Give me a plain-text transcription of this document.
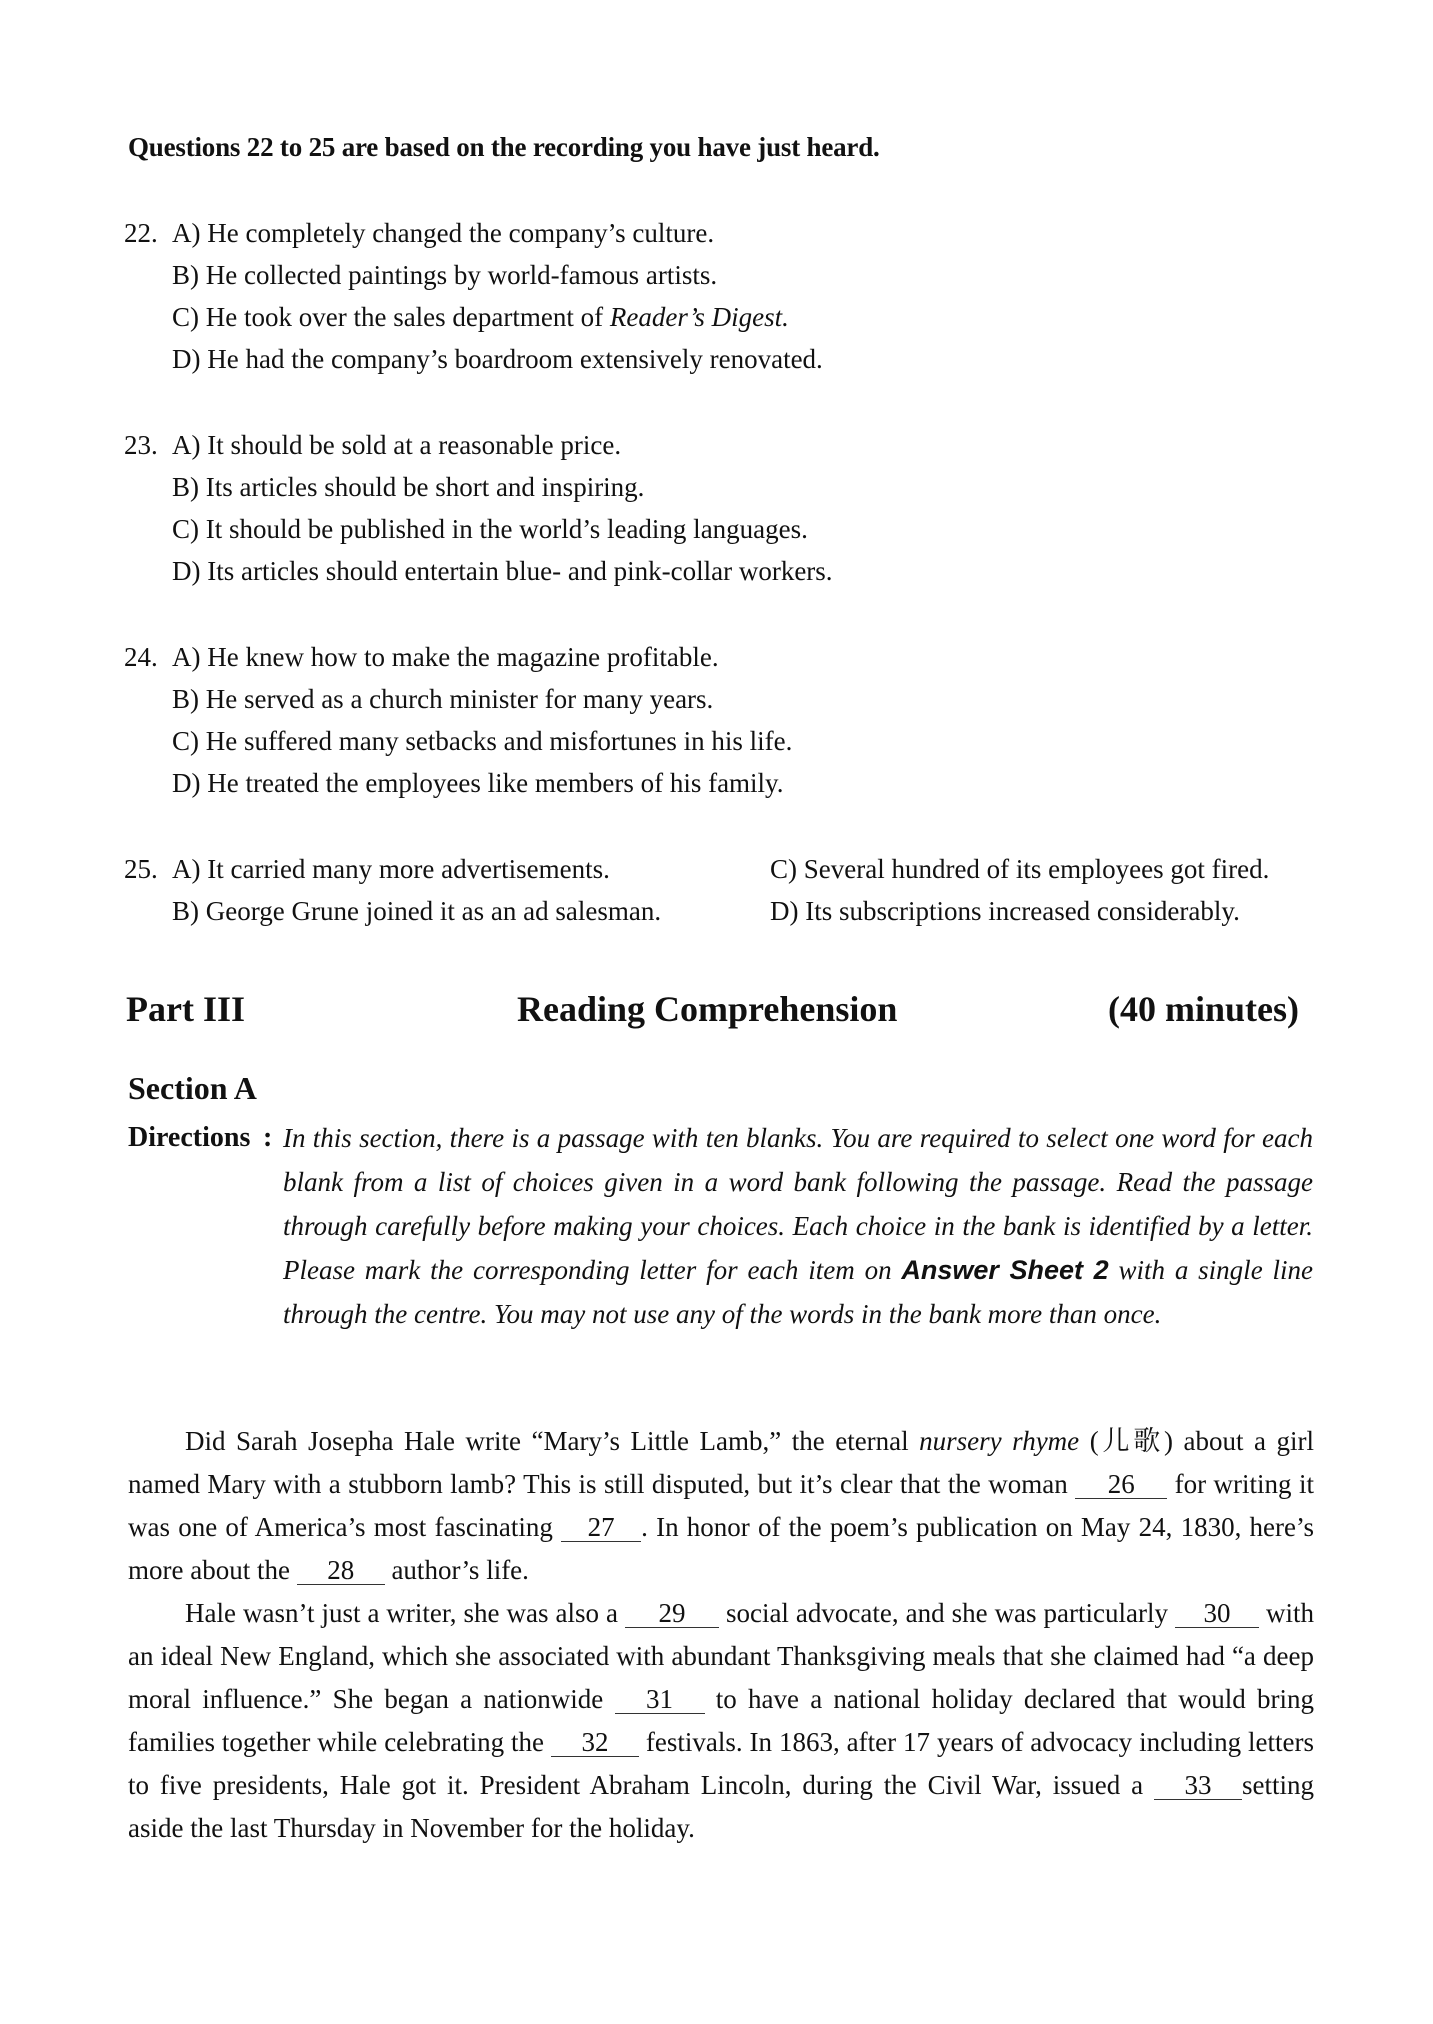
Questions 22 to 25 are based on the recording you have just heard.
22. A) He completely changed the company’s culture.
B) He collected paintings by world-famous artists.
C) He took over the sales department of Reader’s Digest.
D) He had the company’s boardroom extensively renovated.
23. A) It should be sold at a reasonable price.
B) Its articles should be short and inspiring.
C) It should be published in the world’s leading languages.
D) Its articles should entertain blue- and pink-collar workers.
24. A) He knew how to make the magazine profitable.
B) He served as a church minister for many years.
C) He suffered many setbacks and misfortunes in his life.
D) He treated the employees like members of his family.
25. A) It carried many more advertisements.
B) George Grune joined it as an ad salesman.
C) Several hundred of its employees got fired.
D) Its subscriptions increased considerably.
Part III	Reading Comprehension	(40 minutes)
Section A
Directions : In this section, there is a passage with ten blanks. You are required to select one word for each blank from a list of choices given in a word bank following the passage. Read the passage through carefully before making your choices. Each choice in the bank is identified by a letter. Please mark the corresponding letter for each item on Answer Sheet 2 with a single line through the centre. You may not use any of the words in the bank more than once.

Did Sarah Josepha Hale write “Mary’s Little Lamb,” the eternal nursery rhyme (儿歌) about a girl named Mary with a stubborn lamb? This is still disputed, but it’s clear that the woman 26 for writing it was one of America’s most fascinating 27 . In honor of the poem’s publication on May 24, 1830, here’s more about the 28 author’s life.

Hale wasn’t just a writer, she was also a 29 social advocate, and she was particularly 30 with an ideal New England, which she associated with abundant Thanksgiving meals that she claimed had “a deep moral influence.” She began a nationwide 31 to have a national holiday declared that would bring families together while celebrating the 32 festivals. In 1863, after 17 years of advocacy including letters to five presidents, Hale got it. President Abraham Lincoln, during the Civil War, issued a 33 setting aside the last Thursday in November for the holiday.
